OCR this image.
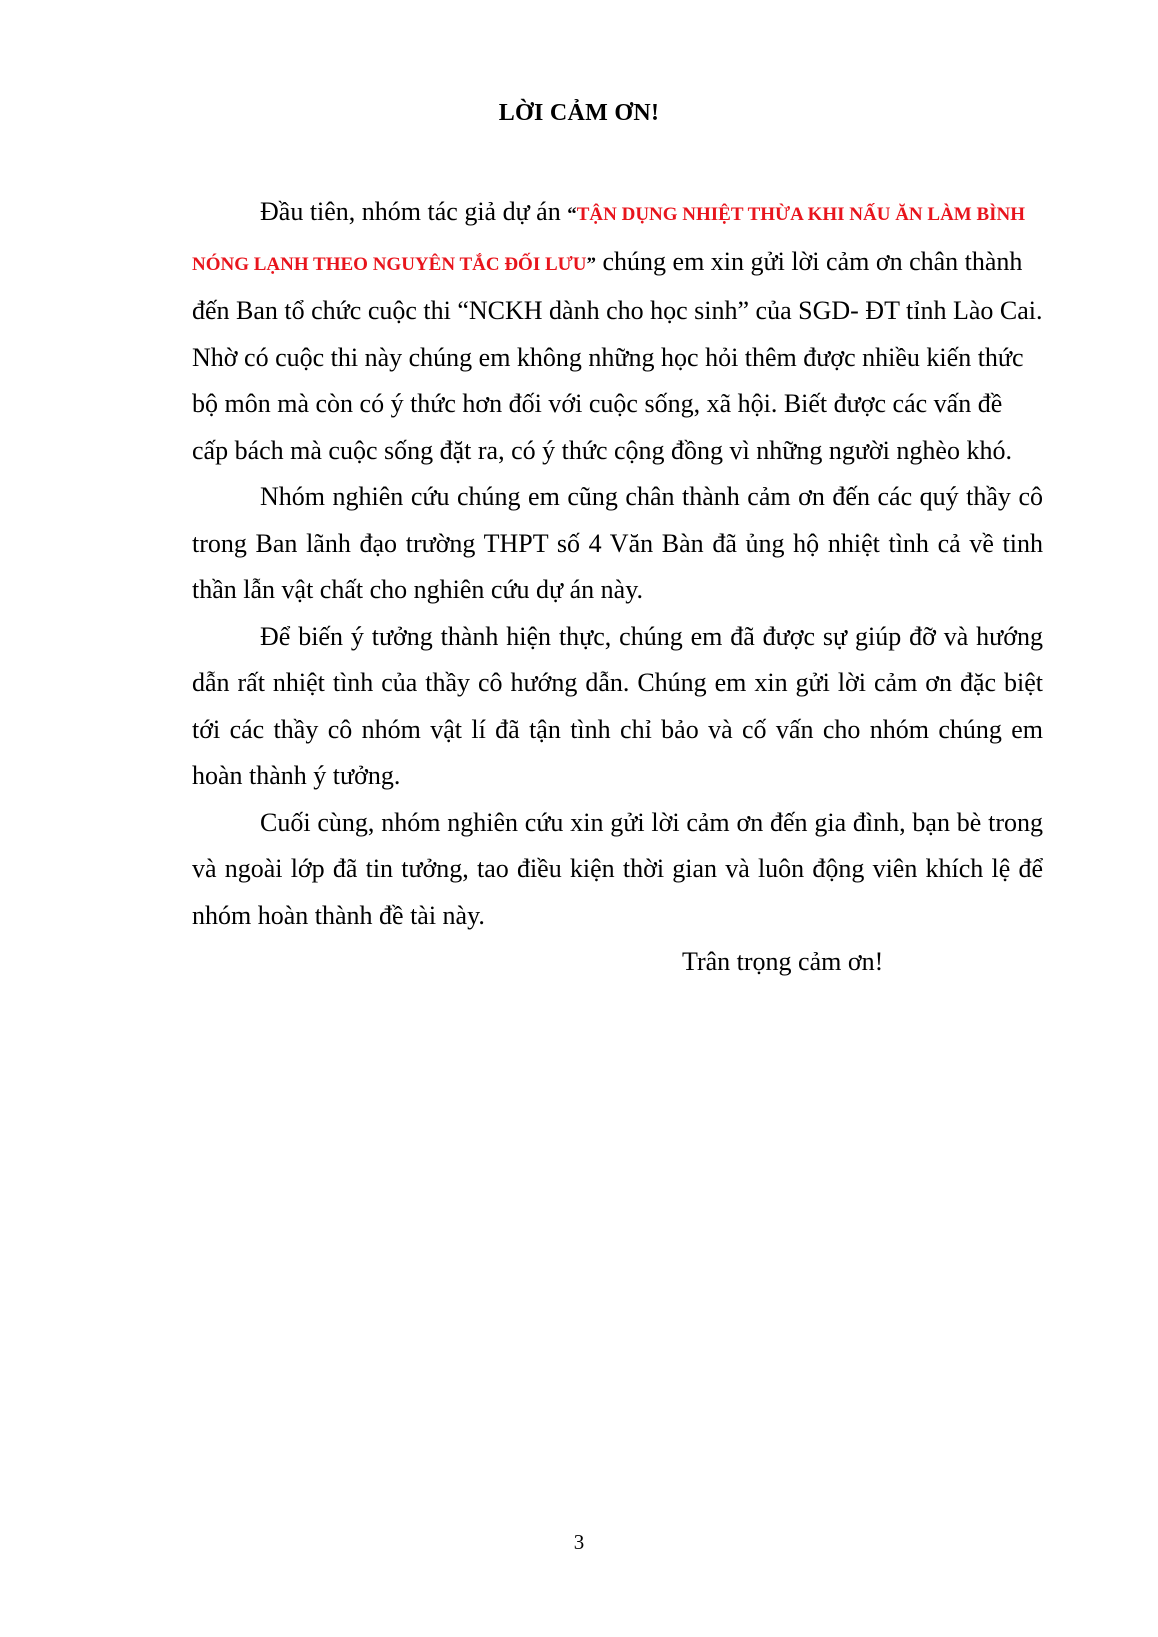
LỜI CẢM ƠN!

Đầu tiên, nhóm tác giả dự án “TẬN DỤNG NHIỆT THỪA KHI NẤU ĂN LÀM BÌNH NÓNG LẠNH THEO NGUYÊN TẮC ĐỐI LƯU” chúng em xin gửi lời cảm ơn chân thành đến Ban tổ chức cuộc thi “NCKH dành cho học sinh” của SGD- ĐT tỉnh Lào Cai. Nhờ có cuộc thi này chúng em không những học hỏi thêm được nhiều kiến thức bộ môn mà còn có ý thức hơn đối với cuộc sống, xã hội. Biết được các vấn đề cấp bách mà cuộc sống đặt ra, có ý thức cộng đồng vì những người nghèo khó.

Nhóm nghiên cứu chúng em cũng chân thành cảm ơn đến các quý thầy cô trong Ban lãnh đạo trường THPT số 4 Văn Bàn đã ủng hộ nhiệt tình cả về tinh thần lẫn vật chất cho nghiên cứu dự án này.

Để biến ý tưởng thành hiện thực, chúng em đã được sự giúp đỡ và hướng dẫn rất nhiệt tình của thầy cô hướng dẫn. Chúng em xin gửi lời cảm ơn đặc biệt tới các thầy cô nhóm vật lí đã tận tình chỉ bảo và cố vấn cho nhóm chúng em hoàn thành ý tưởng.

Cuối cùng, nhóm nghiên cứu xin gửi lời cảm ơn đến gia đình, bạn bè trong và ngoài lớp đã tin tưởng, tao điều kiện thời gian và luôn động viên khích lệ để nhóm hoàn thành đề tài này.

Trân trọng cảm ơn!

3
